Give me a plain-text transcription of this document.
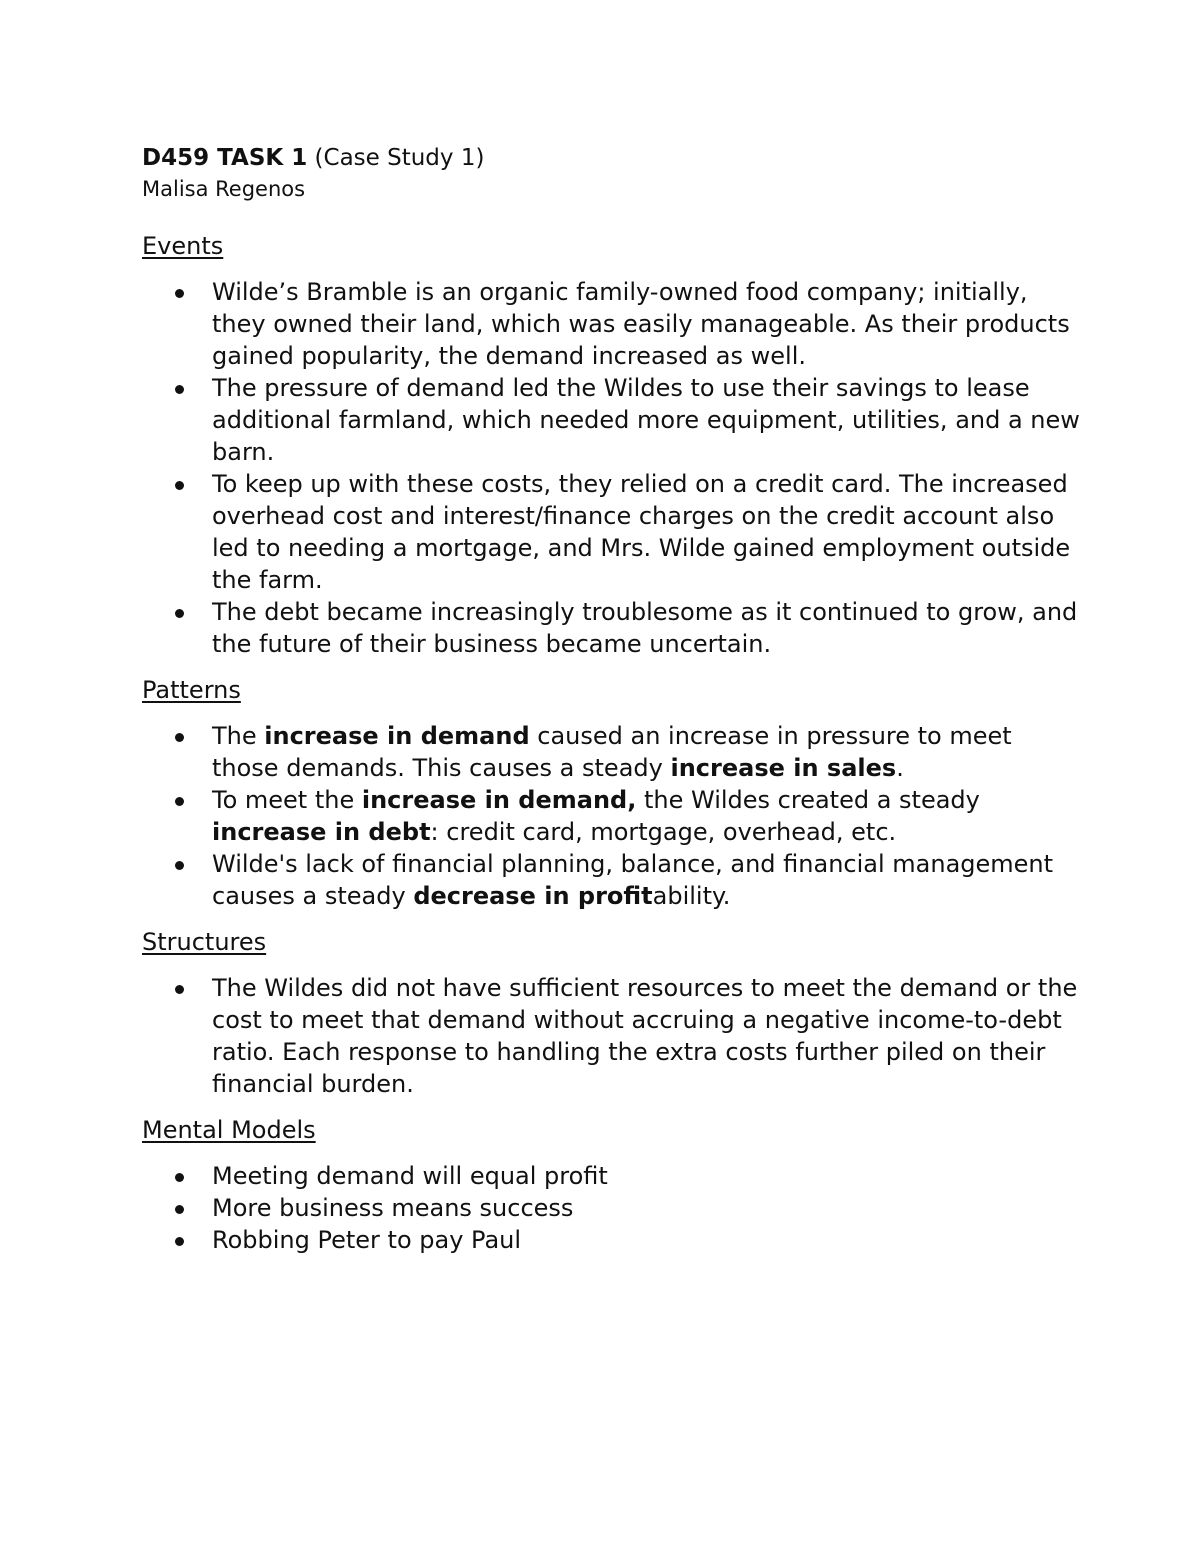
D459 TASK 1 (Case Study 1)

Malisa Regenos

Events
Wilde’s Bramble is an organic family-owned food company; initially, they owned their land, which was easily manageable. As their products gained popularity, the demand increased as well.
The pressure of demand led the Wildes to use their savings to lease additional farmland, which needed more equipment, utilities, and a new barn.
To keep up with these costs, they relied on a credit card. The increased overhead cost and interest/finance charges on the credit account also led to needing a mortgage, and Mrs. Wilde gained employment outside the farm.
The debt became increasingly troublesome as it continued to grow, and the future of their business became uncertain.
Patterns
The increase in demand caused an increase in pressure to meet those demands. This causes a steady increase in sales.
To meet the increase in demand, the Wildes created a steady increase in debt: credit card, mortgage, overhead, etc.
Wilde's lack of financial planning, balance, and financial management causes a steady decrease in profitability.
Structures
The Wildes did not have sufficient resources to meet the demand or the cost to meet that demand without accruing a negative income-to-debt ratio. Each response to handling the extra costs further piled on their financial burden.
Mental Models
Meeting demand will equal profit
More business means success
Robbing Peter to pay Paul
